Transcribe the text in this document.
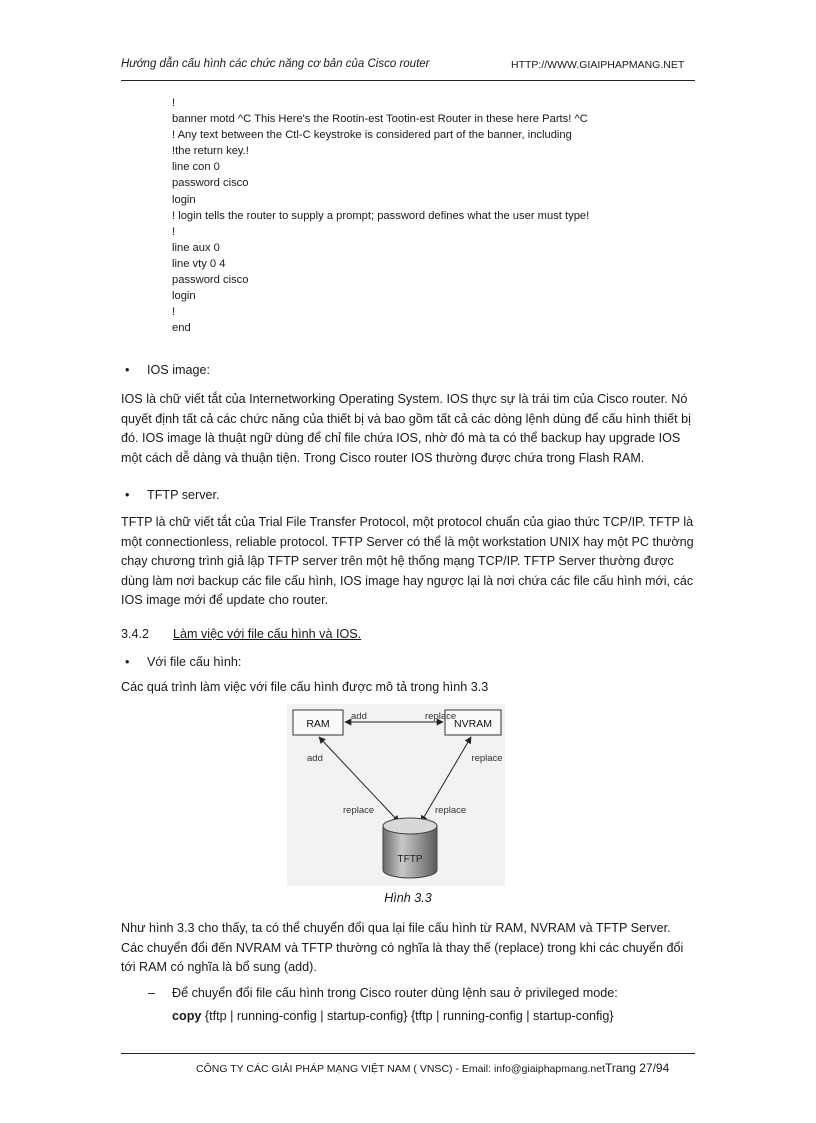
Hướng dẫn cấu hình các chức năng cơ bản của Cisco router	HTTP://WWW.GIAIPHAPMANG.NET
!
banner motd ^C This Here's the Rootin-est Tootin-est Router in these here Parts! ^C
! Any text between the Ctl-C keystroke is considered part of the banner, including
!the return key.!
line con 0
password cisco
login
! login tells the router to supply a prompt; password defines what the user must type!
!
line aux 0
line vty 0 4
password cisco
login
!
end
• IOS image:
IOS là chữ viết tắt của Internetworking Operating System. IOS thực sự là trái tim của Cisco router. Nó quyết định tất cả các chức năng của thiết bị và bao gồm tất cả các dòng lệnh dùng để cấu hình thiết bị đó. IOS image là thuật ngữ dùng để chỉ file chứa IOS, nhờ đó mà ta có thể backup hay upgrade IOS một cách dễ dàng và thuận tiện. Trong Cisco router IOS thường được chứa trong Flash RAM.
• TFTP server.
TFTP là chữ viết tắt của Trial File Transfer Protocol, một protocol chuẩn của giao thức TCP/IP. TFTP là một connectionless, reliable protocol. TFTP Server có thể là một workstation UNIX hay một PC thường chạy chương trình giả lập TFTP server trên một hệ thống mạng TCP/IP. TFTP Server thường được dùng làm nơi backup các file cấu hình, IOS image hay ngược lại là nơi chứa các file cấu hình mới, các IOS image mới để update cho router.
3.4.2 Làm việc với file cấu hình và IOS.
• Với file cấu hình:
Các quá trình làm việc với file cấu hình được mô tả trong hình 3.3
RAM	NVRAM
add	replace
add	replace
replace	replace
TFTP
Hình 3.3
Như hình 3.3 cho thấy, ta có thể chuyển đổi qua lại file cấu hình từ RAM, NVRAM và TFTP Server. Các chuyển đổi đến NVRAM và TFTP thường có nghĩa là thay thế (replace) trong khi các chuyển đổi tới RAM có nghĩa là bổ sung (add).
– Để chuyển đổi file cấu hình trong Cisco router dùng lệnh sau ở privileged mode:
copy {tftp | running-config | startup-config} {tftp | running-config | startup-config}
CÔNG TY CÁC GIẢI PHÁP MẠNG VIỆT NAM ( VNSC) - Email: info@giaiphapmang.netTrang 27/94
